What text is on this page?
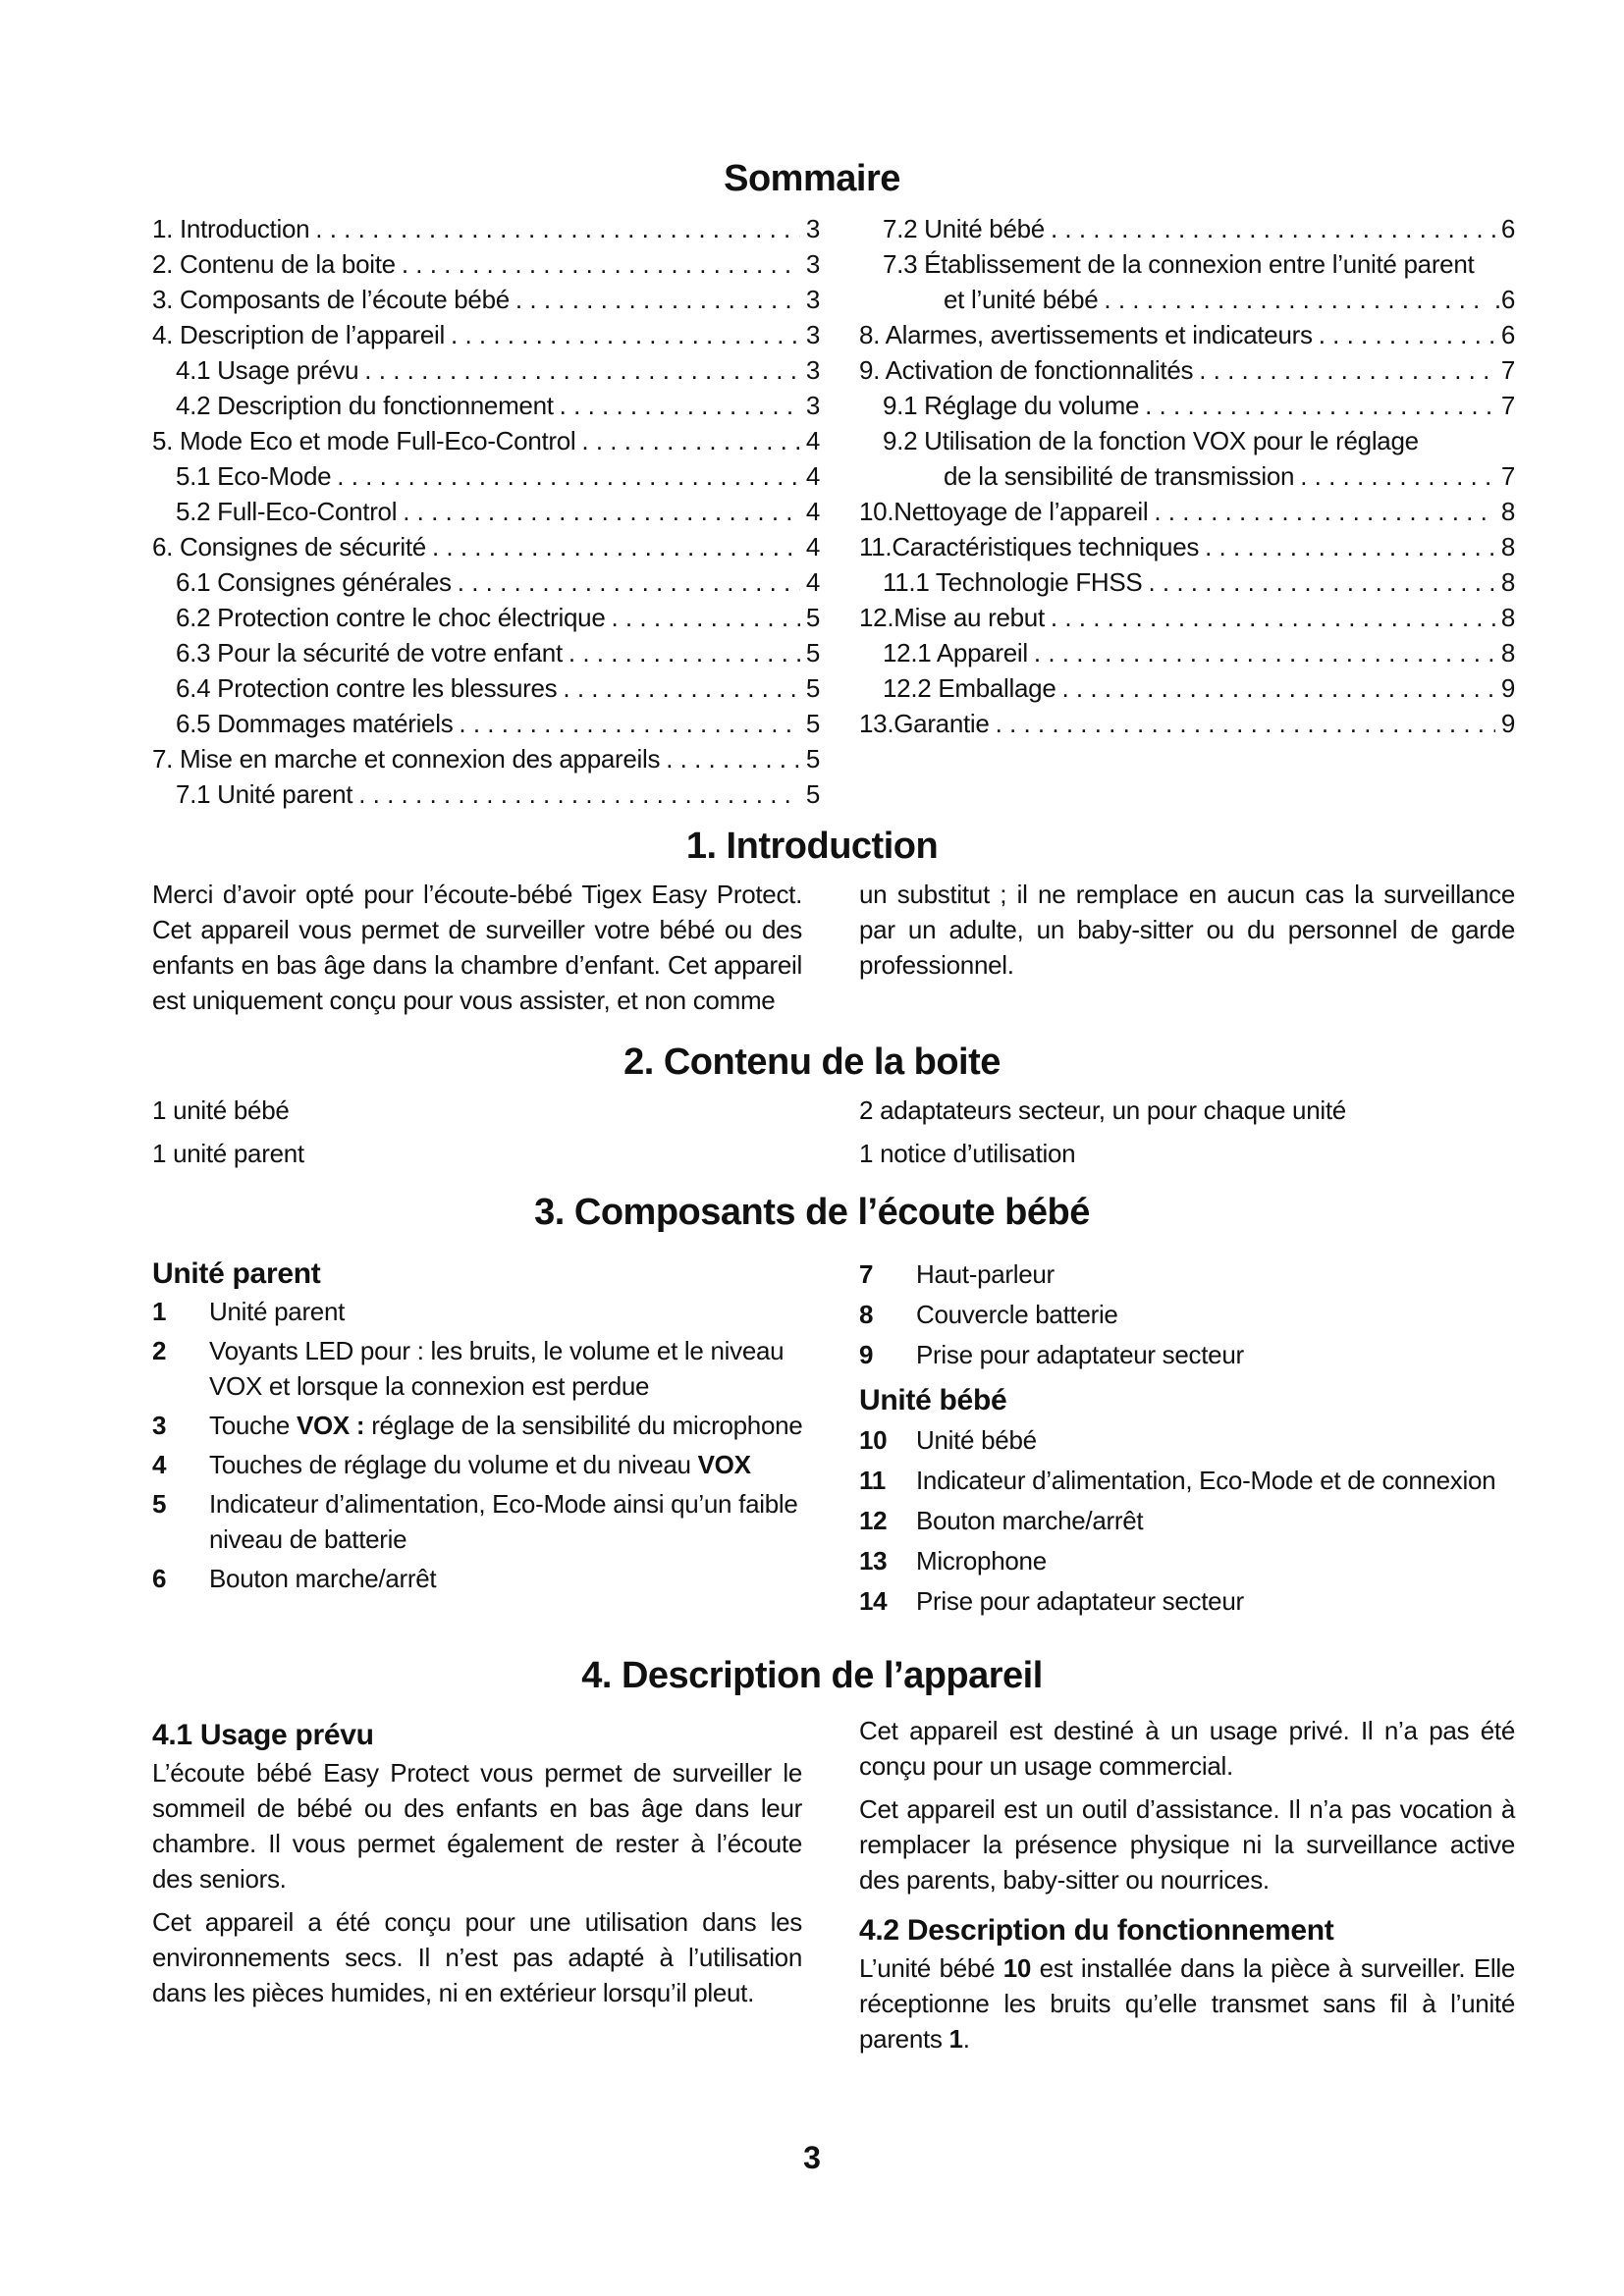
Sommaire
1. Introduction . . .	3
2. Contenu de la boite . . .	3
3. Composants de l’écoute bébé . . .	3
4. Description de l’appareil . . .	3
4.1 Usage prévu . . .	3
4.2 Description du fonctionnement . . .	3
5. Mode Eco et mode Full-Eco-Control . . .	4
5.1 Eco-Mode . . .	4
5.2 Full-Eco-Control . . .	4
6. Consignes de sécurité . . .	4
6.1 Consignes générales . . .	4
6.2 Protection contre le choc électrique . . .	5
6.3 Pour la sécurité de votre enfant . . .	5
6.4 Protection contre les blessures . . .	5
6.5 Dommages matériels . . .	5
7. Mise en marche et connexion des appareils . . .	5
7.1 Unité parent . . .	5
7.2 Unité bébé . . .	6
7.3 Établissement de la connexion entre l’unité parent
et l’unité bébé . . .	.6
8. Alarmes, avertissements et indicateurs . . .	6
9. Activation de fonctionnalités . . .	7
9.1 Réglage du volume . . .	7
9.2 Utilisation de la fonction VOX pour le réglage
de la sensibilité de transmission . . .	7
10.Nettoyage de l’appareil . . .	8
11.Caractéristiques techniques . . .	8
11.1 Technologie FHSS . . .	8
12.Mise au rebut . . .	8
12.1 Appareil . . .	8
12.2 Emballage . . .	9
13.Garantie . . .	9
1. Introduction
Merci d’avoir opté pour l’écoute-bébé Tigex Easy Protect. Cet appareil vous permet de surveiller votre bébé ou des enfants en bas âge dans la chambre d’enfant. Cet appareil est uniquement conçu pour vous assister, et non comme
un substitut ; il ne remplace en aucun cas la surveillance par un adulte, un baby-sitter ou du personnel de garde professionnel.
2. Contenu de la boite
1 unité bébé
1 unité parent
2 adaptateurs secteur, un pour chaque unité
1 notice d’utilisation
3. Composants de l’écoute bébé
Unité parent
1	Unité parent
2	Voyants LED pour : les bruits, le volume et le niveau VOX et lorsque la connexion est perdue
3	Touche VOX : réglage de la sensibilité du microphone
4	Touches de réglage du volume et du niveau VOX
5	Indicateur d’alimentation, Eco-Mode ainsi qu’un faible niveau de batterie
6	Bouton marche/arrêt
7	Haut-parleur
8	Couvercle batterie
9	Prise pour adaptateur secteur
Unité bébé
10	Unité bébé
11	Indicateur d’alimentation, Eco-Mode et de connexion
12	Bouton marche/arrêt
13	Microphone
14	Prise pour adaptateur secteur
4. Description de l’appareil
4.1 Usage prévu

L’écoute bébé Easy Protect vous permet de surveiller le sommeil de bébé ou des enfants en bas âge dans leur chambre. Il vous permet également de rester à l’écoute des seniors.

Cet appareil a été conçu pour une utilisation dans les environnements secs. Il n’est pas adapté à l’utilisation dans les pièces humides, ni en extérieur lorsqu’il pleut.

Cet appareil est destiné à un usage privé. Il n’a pas été conçu pour un usage commercial.

Cet appareil est un outil d’assistance. Il n’a pas vocation à remplacer la présence physique ni la surveillance active des parents, baby-sitter ou nourrices.

4.2 Description du fonctionnement

L’unité bébé 10 est installée dans la pièce à surveiller. Elle réceptionne les bruits qu’elle transmet sans fil à l’unité parents 1.

3
